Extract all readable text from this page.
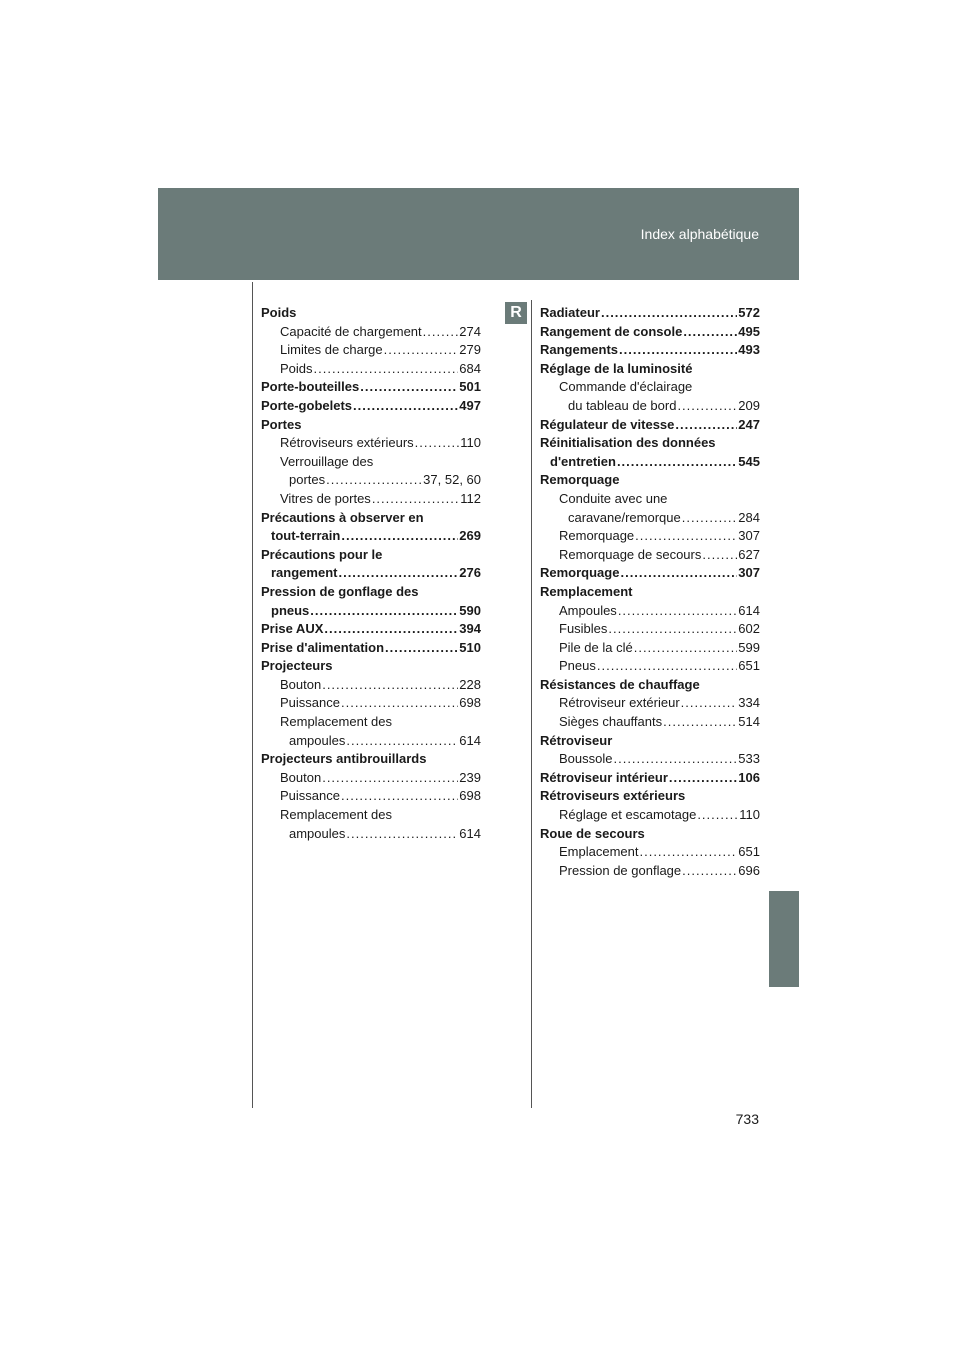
Index alphabétique
Poids
Capacité de chargement .....	274
Limites de charge .....	279
Poids .....	684
Porte-bouteilles .....	501
Porte-gobelets .....	497
Portes
Rétroviseurs extérieurs .....	110
Verrouillage des
portes .....	37, 52, 60
Vitres de portes .....	112
Précautions à observer en
tout-terrain .....	269
Précautions pour le
rangement .....	276
Pression de gonflage des
pneus .....	590
Prise AUX .....	394
Prise d'alimentation .....	510
Projecteurs
Bouton .....	228
Puissance .....	698
Remplacement des
ampoules .....	614
Projecteurs antibrouillards
Bouton .....	239
Puissance .....	698
Remplacement des
ampoules .....	614
R	Radiateur .....	572
Rangement de console .....	495
Rangements .....	493
Réglage de la luminosité
Commande d'éclairage
du tableau de bord .....	209
Régulateur de vitesse .....	247
Réinitialisation des données
d'entretien .....	545
Remorquage
Conduite avec une
caravane/remorque .....	284
Remorquage .....	307
Remorquage de secours .....	627
Remorquage .....	307
Remplacement
Ampoules .....	614
Fusibles .....	602
Pile de la clé .....	599
Pneus .....	651
Résistances de chauffage
Rétroviseur extérieur .....	334
Sièges chauffants .....	514
Rétroviseur
Boussole .....	533
Rétroviseur intérieur .....	106
Rétroviseurs extérieurs
Réglage et escamotage .....	110
Roue de secours
Emplacement .....	651
Pression de gonflage .....	696
733
